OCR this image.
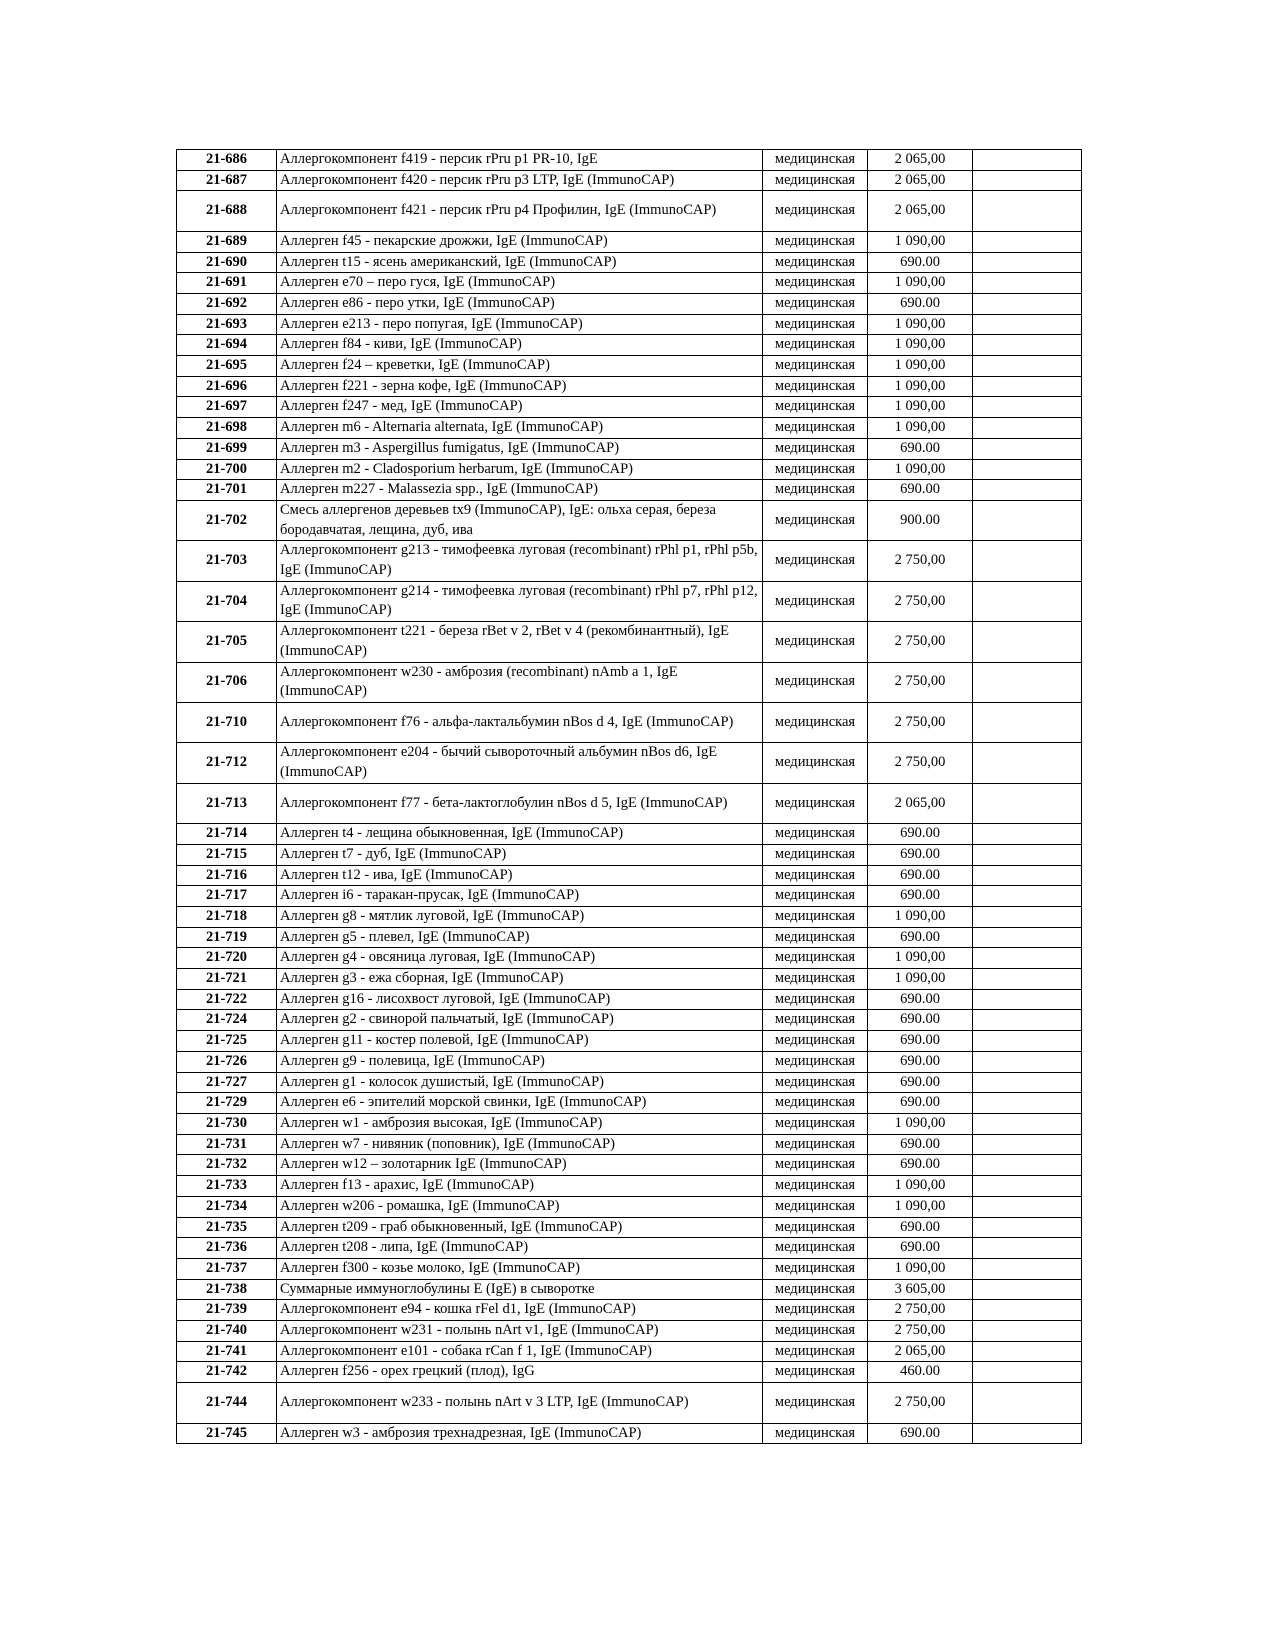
21-686	Аллергокомпонент f419 - персик rPru p1 PR-10, IgE	медицинская	2 065,00	
21-687	Аллергокомпонент f420 - персик rPru p3 LTP, IgE (ImmunoCAP)	медицинская	2 065,00	
21-688	Аллергокомпонент f421 - персик rPru p4 Профилин, IgE (ImmunoCAP)	медицинская	2 065,00	
21-689	Аллерген f45 - пекарские дрожжи, IgE (ImmunoCAP)	медицинская	1 090,00	
21-690	Аллерген t15 - ясень американский, IgE (ImmunoCAP)	медицинская	690.00	
21-691	Аллерген e70 – перо гуся, IgE (ImmunoCAP)	медицинская	1 090,00	
21-692	Аллерген e86 - перо утки, IgE (ImmunoCAP)	медицинская	690.00	
21-693	Аллерген e213 - перо попугая, IgE (ImmunoCAP)	медицинская	1 090,00	
21-694	Аллерген f84 - киви, IgE (ImmunoCAP)	медицинская	1 090,00	
21-695	Аллерген f24 – креветки, IgE (ImmunoCAP)	медицинская	1 090,00	
21-696	Аллерген f221 - зерна кофе, IgE (ImmunoCAP)	медицинская	1 090,00	
21-697	Аллерген f247 - мед, IgE (ImmunoCAP)	медицинская	1 090,00	
21-698	Аллерген m6 - Alternaria alternata, IgE (ImmunoCAP)	медицинская	1 090,00	
21-699	Аллерген m3 - Aspergillus fumigatus, IgE (ImmunoCAP)	медицинская	690.00	
21-700	Аллерген m2 - Cladosporium herbarum, IgE (ImmunoCAP)	медицинская	1 090,00	
21-701	Аллерген m227 - Malassezia spp., IgE (ImmunoCAP)	медицинская	690.00	
21-702	Смесь аллергенов деревьев tx9 (ImmunoCAP), IgE: ольха серая, береза бородавчатая, лещина, дуб, ива	медицинская	900.00	
21-703	Аллергокомпонент g213 - тимофеевка луговая (recombinant) rPhl p1, rPhl p5b, IgE (ImmunoCAP)	медицинская	2 750,00	
21-704	Аллергокомпонент g214 - тимофеевка луговая (recombinant) rPhl p7, rPhl p12, IgE (ImmunoCAP)	медицинская	2 750,00	
21-705	Аллергокомпонент t221 - береза rBet v 2, rBet v 4 (рекомбинантный), IgE (ImmunoCAP)	медицинская	2 750,00	
21-706	Аллергокомпонент w230 - амброзия (recombinant) nAmb a 1, IgE (ImmunoCAP)	медицинская	2 750,00	
21-710	Аллергокомпонент f76 - альфа-лактальбумин nBos d 4, IgE (ImmunoCAP)	медицинская	2 750,00	
21-712	Аллергокомпонент e204 - бычий сывороточный альбумин nBos d6, IgE (ImmunoCAP)	медицинская	2 750,00	
21-713	Аллергокомпонент f77 - бета-лактоглобулин nBos d 5, IgE (ImmunoCAP)	медицинская	2 065,00	
21-714	Аллерген t4 - лещина обыкновенная, IgE (ImmunoCAP)	медицинская	690.00	
21-715	Аллерген t7 - дуб, IgE (ImmunoCAP)	медицинская	690.00	
21-716	Аллерген t12 - ива, IgE (ImmunoCAP)	медицинская	690.00	
21-717	Аллерген i6 - таракан-прусак, IgE (ImmunoCAP)	медицинская	690.00	
21-718	Аллерген g8 - мятлик луговой, IgE (ImmunoCAP)	медицинская	1 090,00	
21-719	Аллерген g5 - плевел, IgE (ImmunoCAP)	медицинская	690.00	
21-720	Аллерген g4 - овсяница луговая, IgE (ImmunoCAP)	медицинская	1 090,00	
21-721	Аллерген g3 - ежа сборная, IgE (ImmunoCAP)	медицинская	1 090,00	
21-722	Аллерген g16 - лисохвост луговой, IgE (ImmunoCAP)	медицинская	690.00	
21-724	Аллерген g2 - свинорой пальчатый, IgE (ImmunoCAP)	медицинская	690.00	
21-725	Аллерген g11 - костер полевой, IgE (ImmunoCAP)	медицинская	690.00	
21-726	Аллерген g9 - полевица, IgE (ImmunoCAP)	медицинская	690.00	
21-727	Аллерген g1 - колосок душистый, IgE (ImmunoCAP)	медицинская	690.00	
21-729	Аллерген e6 - эпителий морской свинки, IgE (ImmunoCAP)	медицинская	690.00	
21-730	Аллерген w1 - амброзия высокая, IgE (ImmunoCAP)	медицинская	1 090,00	
21-731	Аллерген w7 - нивяник (поповник), IgE (ImmunoCAP)	медицинская	690.00	
21-732	Аллерген w12 – золотарник IgE (ImmunoCAP)	медицинская	690.00	
21-733	Аллерген f13 - арахис, IgE (ImmunoCAP)	медицинская	1 090,00	
21-734	Аллерген w206 - ромашка, IgE (ImmunoCAP)	медицинская	1 090,00	
21-735	Аллерген t209 - граб обыкновенный, IgE (ImmunoCAP)	медицинская	690.00	
21-736	Аллерген t208 - липа, IgE (ImmunoCAP)	медицинская	690.00	
21-737	Аллерген f300 - козье молоко, IgE (ImmunoCAP)	медицинская	1 090,00	
21-738	Суммарные иммуноглобулины E (IgE) в сыворотке	медицинская	3 605,00	
21-739	Аллергокомпонент e94 - кошка rFel d1, IgE (ImmunoCAP)	медицинская	2 750,00	
21-740	Аллергокомпонент w231 - полынь nArt v1, IgE (ImmunoCAP)	медицинская	2 750,00	
21-741	Аллергокомпонент e101 - собака rCan f 1, IgE (ImmunoCAP)	медицинская	2 065,00	
21-742	Аллерген f256 - орех грецкий (плод), IgG	медицинская	460.00	
21-744	Аллергокомпонент w233 - полынь nArt v 3 LTP, IgE (ImmunoCAP)	медицинская	2 750,00	
21-745	Аллерген w3 - амброзия трехнадрезная, IgE (ImmunoCAP)	медицинская	690.00	
